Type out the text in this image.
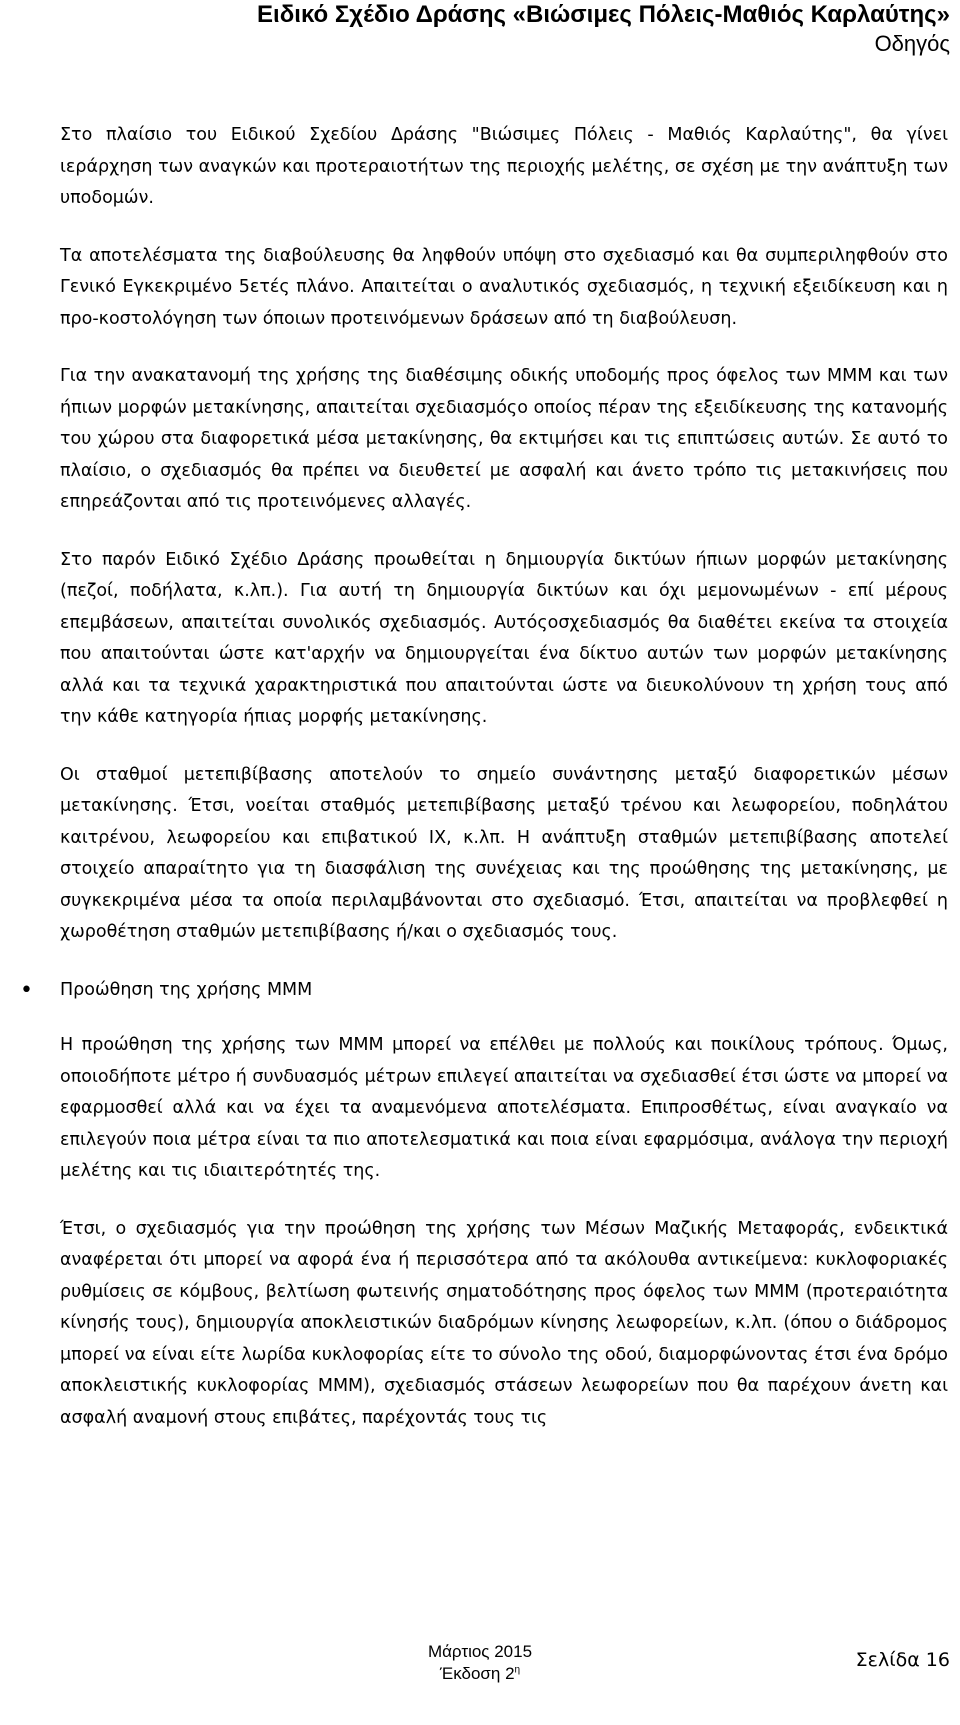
Ειδικό Σχέδιο Δράσης «Βιώσιμες Πόλεις-Μαθιός Καρλαύτης»
Οδηγός

Στο πλαίσιο του Ειδικού Σχεδίου Δράσης "Βιώσιμες Πόλεις - Μαθιός Καρλαύτης", θα γίνει ιεράρχηση των αναγκών και προτεραιοτήτων της περιοχής μελέτης, σε σχέση με την ανάπτυξη των υποδομών.

Τα αποτελέσματα της διαβούλευσης θα ληφθούν υπόψη στο σχεδιασμό και θα συμπεριληφθούν στο Γενικό Εγκεκριμένο 5ετές πλάνο. Απαιτείται ο αναλυτικός σχεδιασμός, η τεχνική εξειδίκευση και η προ-κοστολόγηση των όποιων προτεινόμενων δράσεων από τη διαβούλευση.

Για την ανακατανομή της χρήσης της διαθέσιμης οδικής υποδομής προς όφελος των ΜΜΜ και των ήπιων μορφών μετακίνησης, απαιτείται σχεδιασμόςο οποίος πέραν της εξειδίκευσης της κατανομής του χώρου στα διαφορετικά μέσα μετακίνησης, θα εκτιμήσει και τις επιπτώσεις αυτών. Σε αυτό το πλαίσιο, ο σχεδιασμός θα πρέπει να διευθετεί με ασφαλή και άνετο τρόπο τις μετακινήσεις που επηρεάζονται από τις προτεινόμενες αλλαγές.

Στο παρόν Ειδικό Σχέδιο Δράσης προωθείται η δημιουργία δικτύων ήπιων μορφών μετακίνησης (πεζοί, ποδήλατα, κ.λπ.). Για αυτή τη δημιουργία δικτύων και όχι μεμονωμένων - επί μέρους επεμβάσεων, απαιτείται συνολικός σχεδιασμός. Αυτόςοσχεδιασμός θα διαθέτει εκείνα τα στοιχεία που απαιτούνται ώστε κατ'αρχήν να δημιουργείται ένα δίκτυο αυτών των μορφών μετακίνησης αλλά και τα τεχνικά χαρακτηριστικά που απαιτούνται ώστε να διευκολύνουν τη χρήση τους από την κάθε κατηγορία ήπιας μορφής μετακίνησης.

Οι σταθμοί μετεπιβίβασης αποτελούν το σημείο συνάντησης μεταξύ διαφορετικών μέσων μετακίνησης. Έτσι, νοείται σταθμός μετεπιβίβασης μεταξύ τρένου και λεωφορείου, ποδηλάτου καιτρένου, λεωφορείου και επιβατικού ΙΧ, κ.λπ. Η ανάπτυξη σταθμών μετεπιβίβασης αποτελεί στοιχείο απαραίτητο για τη διασφάλιση της συνέχειας και της προώθησης της μετακίνησης, με συγκεκριμένα μέσα τα οποία περιλαμβάνονται στο σχεδιασμό. Έτσι, απαιτείται να προβλεφθεί η χωροθέτηση σταθμών μετεπιβίβασης ή/και ο σχεδιασμός τους.

• Προώθηση της χρήσης ΜΜΜ

Η προώθηση της χρήσης των ΜΜΜ μπορεί να επέλθει με πολλούς και ποικίλους τρόπους. Όμως, οποιοδήποτε μέτρο ή συνδυασμός μέτρων επιλεγεί απαιτείται να σχεδιασθεί έτσι ώστε να μπορεί να εφαρμοσθεί αλλά και να έχει τα αναμενόμενα αποτελέσματα. Επιπροσθέτως, είναι αναγκαίο να επιλεγούν ποια μέτρα είναι τα πιο αποτελεσματικά και ποια είναι εφαρμόσιμα, ανάλογα την περιοχή μελέτης και τις ιδιαιτερότητές της.

Έτσι, ο σχεδιασμός για την προώθηση της χρήσης των Μέσων Μαζικής Μεταφοράς, ενδεικτικά αναφέρεται ότι μπορεί να αφορά ένα ή περισσότερα από τα ακόλουθα αντικείμενα: κυκλοφοριακές ρυθμίσεις σε κόμβους, βελτίωση φωτεινής σηματοδότησης προς όφελος των ΜΜΜ (προτεραιότητα κίνησής τους), δημιουργία αποκλειστικών διαδρόμων κίνησης λεωφορείων, κ.λπ. (όπου ο διάδρομος μπορεί να είναι είτε λωρίδα κυκλοφορίας είτε το σύνολο της οδού, διαμορφώνοντας έτσι ένα δρόμο αποκλειστικής κυκλοφορίας ΜΜΜ), σχεδιασμός στάσεων λεωφορείων που θα παρέχουν άνετη και ασφαλή αναμονή στους επιβάτες, παρέχοντάς τους τις

Μάρτιος 2015
Έκδοση $2^\eta$	Σελίδα 16
